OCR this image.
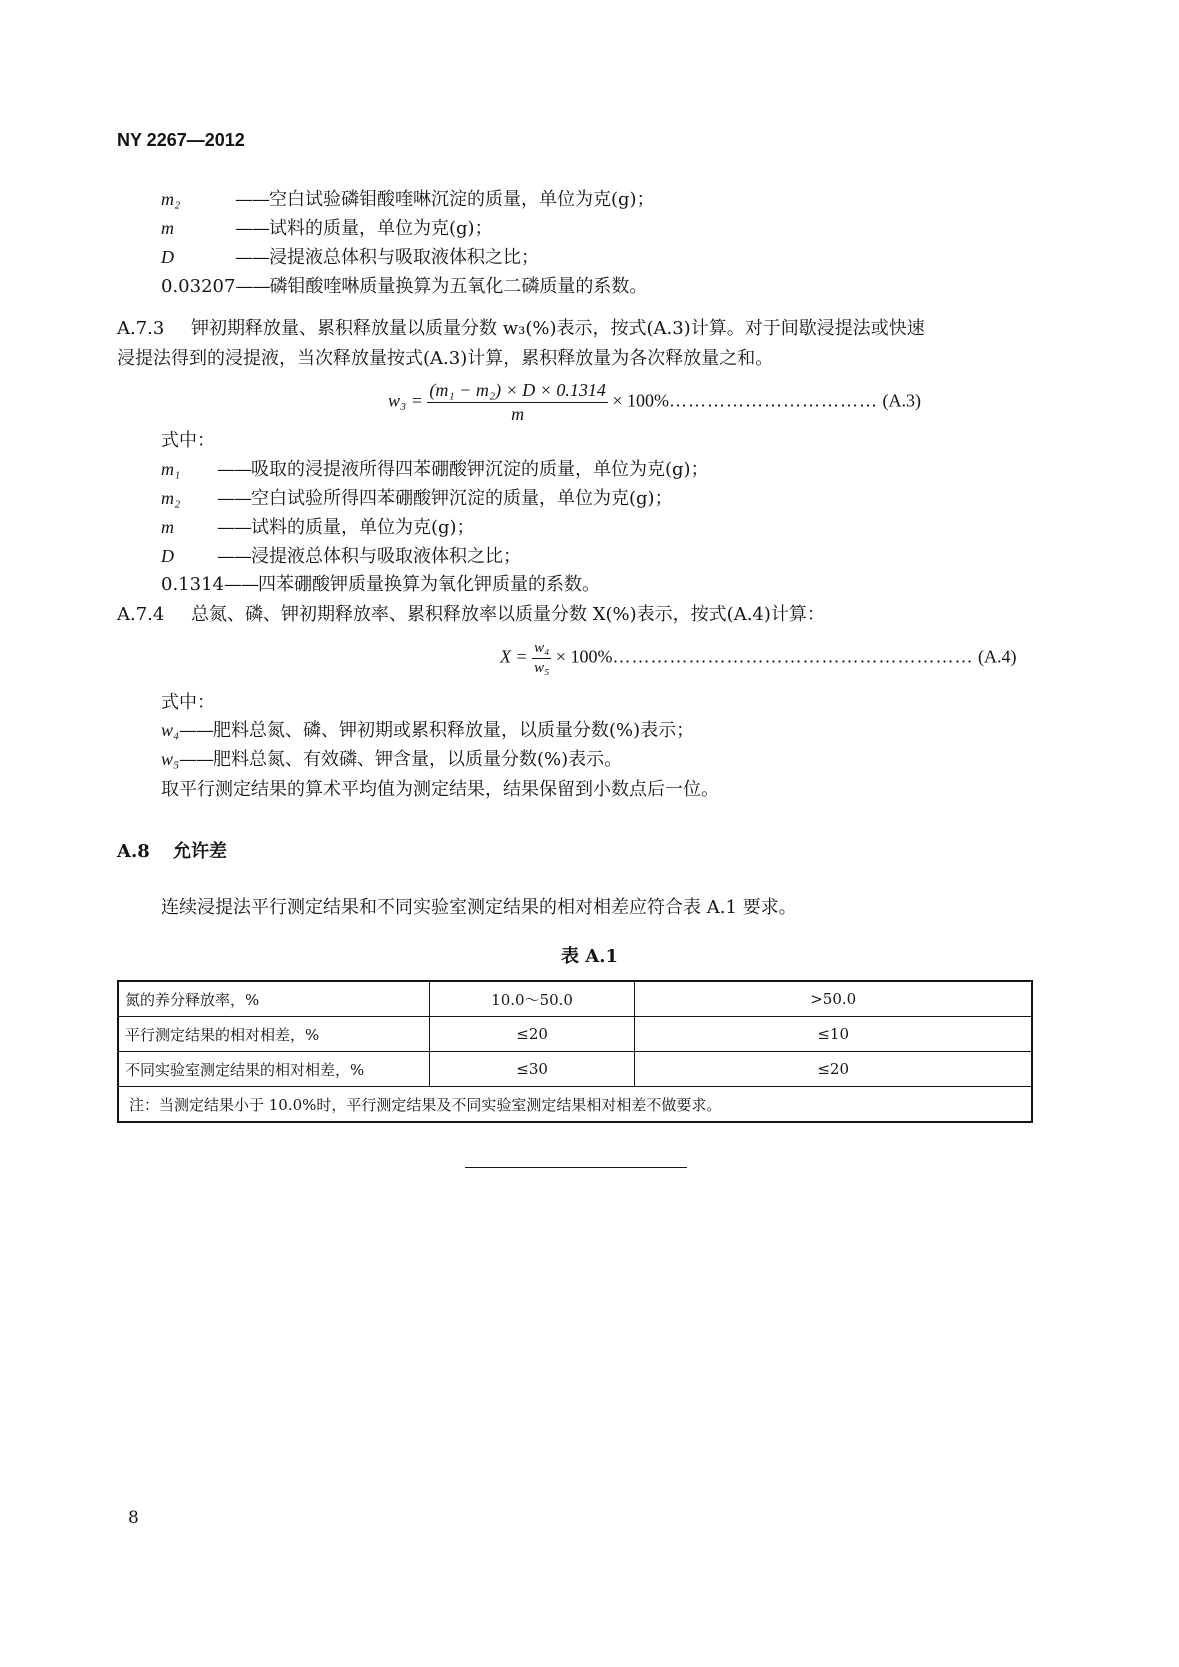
NY 2267—2012
m₂	——空白试验磷钼酸喹啉沉淀的质量，单位为克(g)；
m	——试料的质量，单位为克(g)；
D	——浸提液总体积与吸取液体积之比；
0.03207——磷钼酸喹啉质量换算为五氧化二磷质量的系数。
A.7.3 钾初期释放量、累积释放量以质量分数 w₃(%)表示，按式(A.3)计算。对于间歇浸提法或快速
浸提法得到的浸提液，当次释放量按式(A.3)计算，累积释放量为各次释放量之和。
$w_3 = \frac{\text{(m₁ − m₂) × D × 0.1314}}{m}$ × 100%…………………………… (A.3)
式中：
m₁ ——吸取的浸提液所得四苯硼酸钾沉淀的质量，单位为克(g)；
m₂ ——空白试验所得四苯硼酸钾沉淀的质量，单位为克(g)；
m ——试料的质量，单位为克(g)；
D ——浸提液总体积与吸取液体积之比；
0.1314——四苯硼酸钾质量换算为氧化钾质量的系数。
A.7.4 总氮、磷、钾初期释放率、累积释放率以质量分数 X(%)表示，按式(A.4)计算：
$X = \frac{\text{w₄}}{\text{w₅}}$ × 100%………………………………………………… (A.4)
式中：
w₄——肥料总氮、磷、钾初期或累积释放量，以质量分数(%)表示；
w₅——肥料总氮、有效磷、钾含量，以质量分数(%)表示。
取平行测定结果的算术平均值为测定结果，结果保留到小数点后一位。
A.8 允许差
连续浸提法平行测定结果和不同实验室测定结果的相对相差应符合表 A.1 要求。
表 A.1
氮的养分释放率，%	10.0～50.0	>50.0
平行测定结果的相对相差，%	≤20	≤10
不同实验室测定结果的相对相差，%	≤30	≤20
注：当测定结果小于 10.0%时，平行测定结果及不同实验室测定结果相对相差不做要求。		
8
